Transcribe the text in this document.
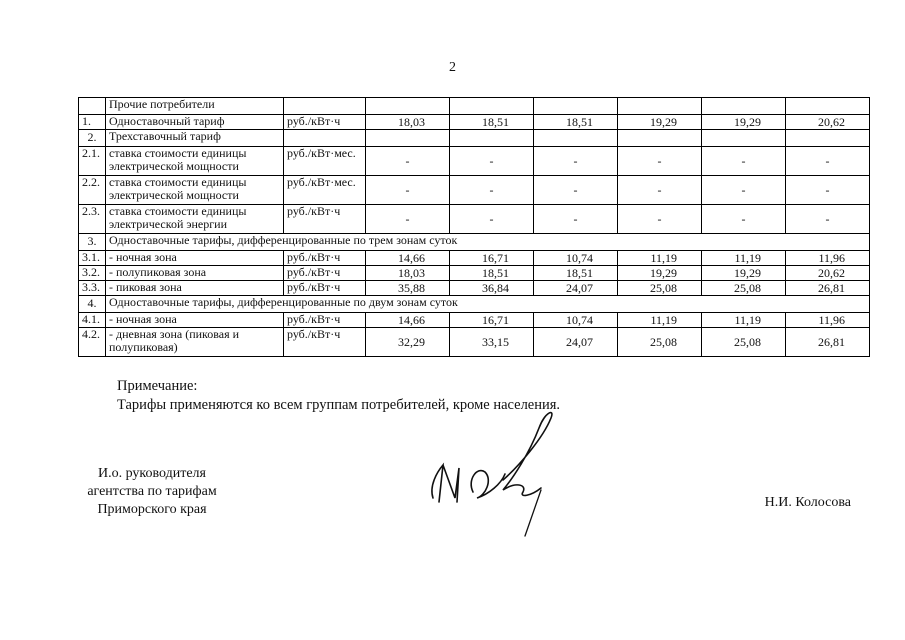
2
	Прочие потребители							
1.	Одноставочный тариф	руб./кВт·ч	18,03	18,51	18,51	19,29	19,29	20,62
2.	Трехставочный тариф							
2.1.	ставка стоимости единицы электрической мощности	руб./кВт·мес.	-	-	-	-	-	-
2.2.	ставка стоимости единицы электрической мощности	руб./кВт·мес.	-	-	-	-	-	-
2.3.	ставка стоимости единицы электрической энергии	руб./кВт·ч	-	-	-	-	-	-
3.	Одноставочные тарифы, дифференцированные по трем зонам суток							
3.1.	- ночная зона	руб./кВт·ч	14,66	16,71	10,74	11,19	11,19	11,96
3.2.	- полупиковая зона	руб./кВт·ч	18,03	18,51	18,51	19,29	19,29	20,62
3.3.	- пиковая зона	руб./кВт·ч	35,88	36,84	24,07	25,08	25,08	26,81
4.	Одноставочные тарифы, дифференцированные по двум зонам суток							
4.1.	- ночная зона	руб./кВт·ч	14,66	16,71	10,74	11,19	11,19	11,96
4.2.	- дневная зона (пиковая и полупиковая)	руб./кВт·ч	32,29	33,15	24,07	25,08	25,08	26,81
Примечание:
Тарифы применяются ко всем группам потребителей, кроме населения.
И.о. руководителя
агентства по тарифам
Приморского края	Н.И. Колосова
